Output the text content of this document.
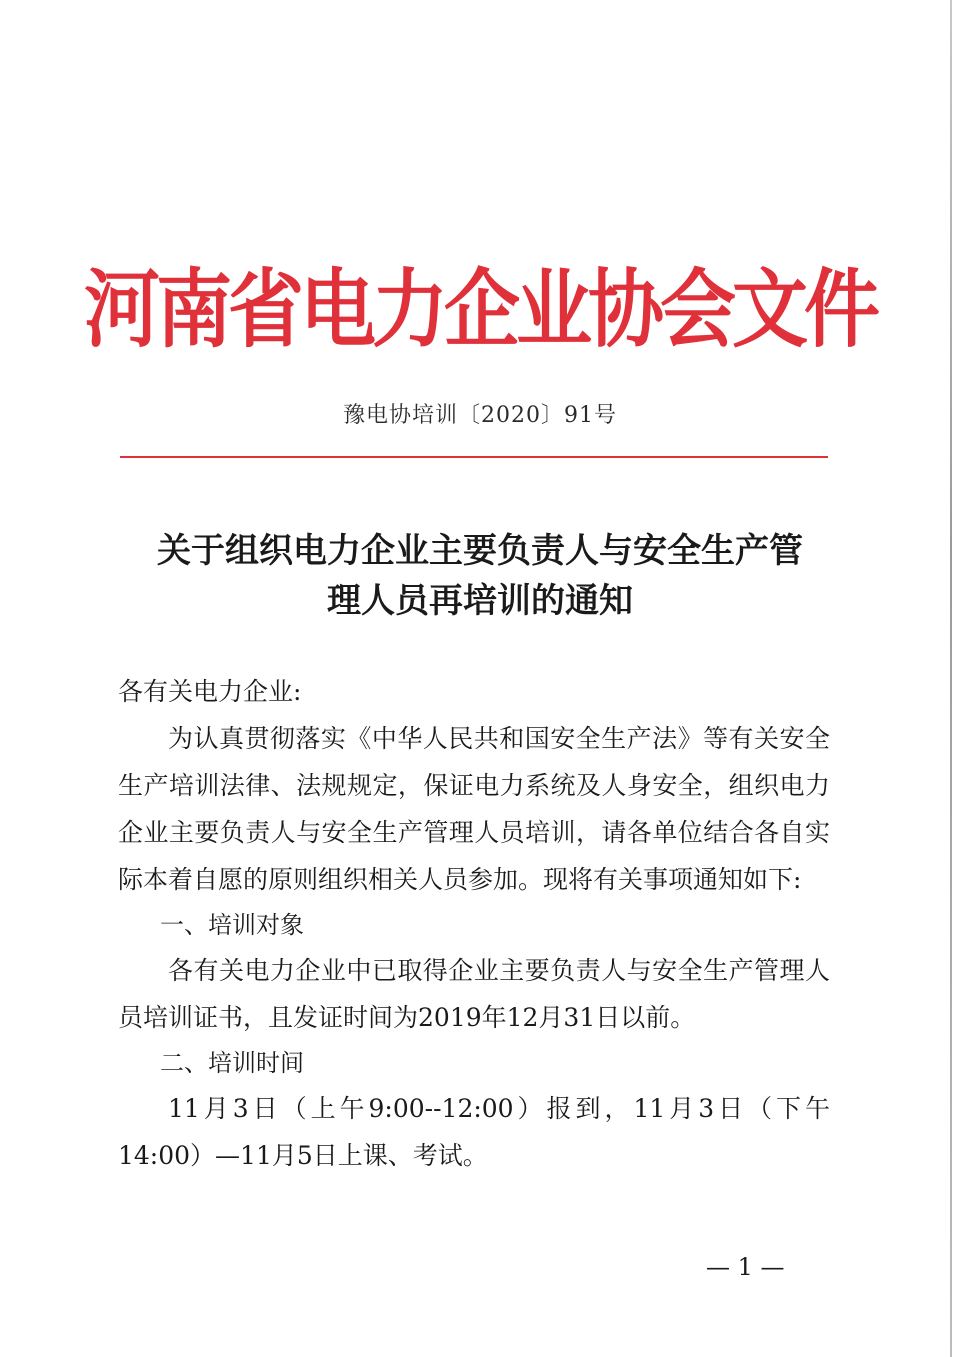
河南省电力企业协会文件
豫电协培训〔2020〕91号
关于组织电力企业主要负责人与安全生产管
理人员再培训的通知

各有关电力企业:

为认真贯彻落实《中华人民共和国安全生产法》等有关安全生产培训法律、法规规定，保证电力系统及人身安全，组织电力企业主要负责人与安全生产管理人员培训，请各单位结合各自实际本着自愿的原则组织相关人员参加。现将有关事项通知如下:

一、培训对象

各有关电力企业中已取得企业主要负责人与安全生产管理人员培训证书，且发证时间为2019年12月31日以前。

二、培训时间

11月3日（上午9:00--12:00）报到，11月3日（下午14:00）—11月5日上课、考试。

— 1 —
